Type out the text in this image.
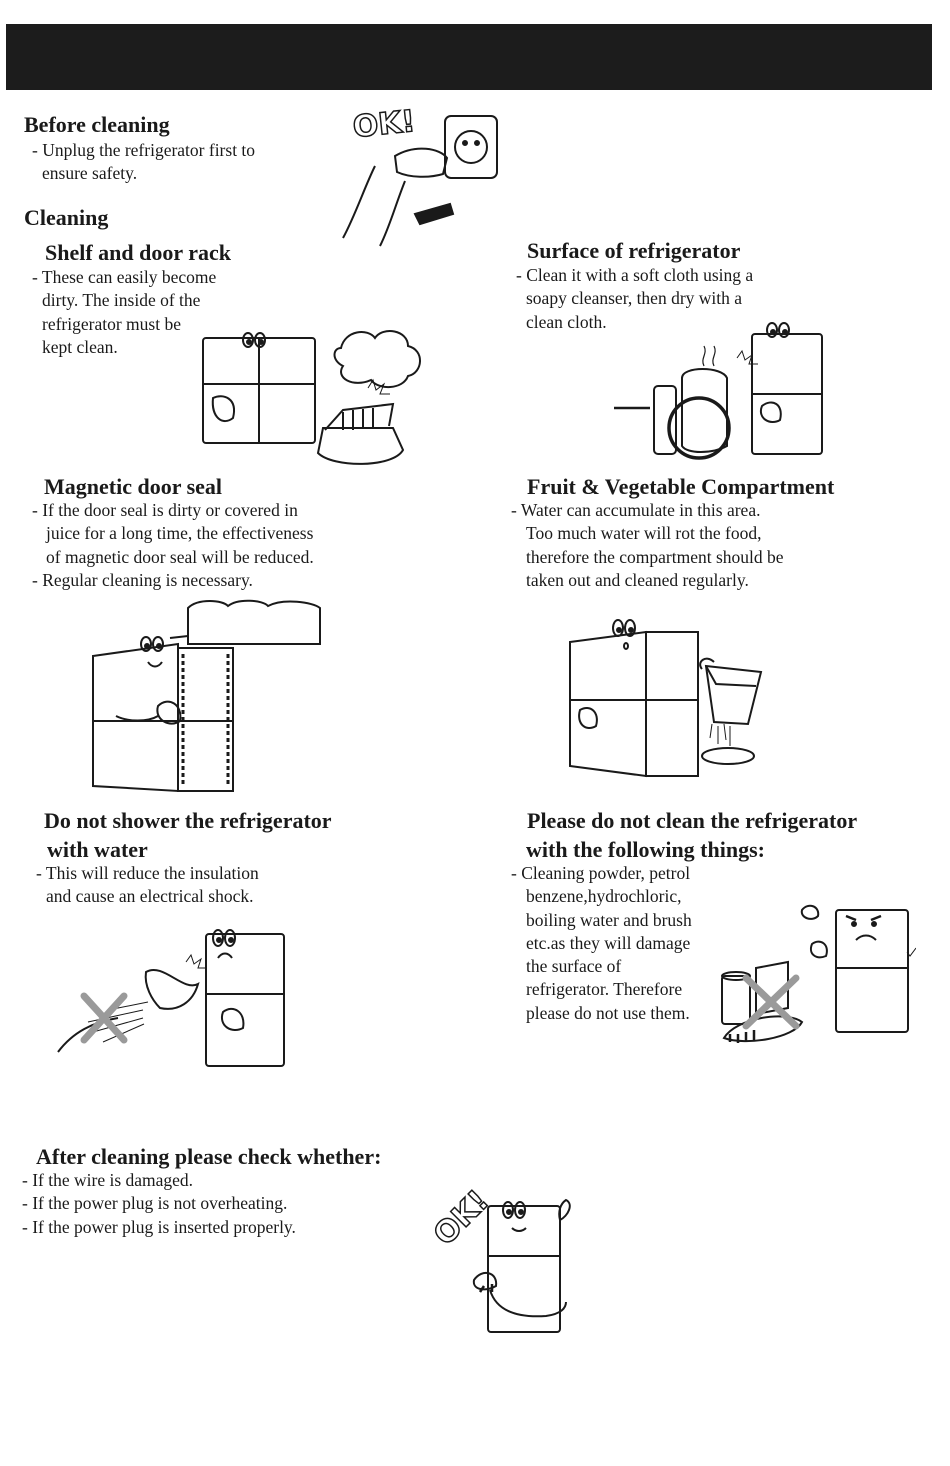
Before cleaning
- Unplug the refrigerator first to
ensure safety.
OK!
Cleaning
Shelf and door rack
- These can easily become
dirty. The inside of the
refrigerator must be
kept clean.
Surface of refrigerator
- Clean it with a soft cloth using a
soapy cleanser, then dry with a
clean cloth.
Magnetic door seal
- If the door seal is dirty or covered in
juice for a long time, the effectiveness
of magnetic door seal will be reduced.
- Regular cleaning is necessary.
Fruit & Vegetable Compartment
- Water can accumulate in this area.
Too much water will rot the food,
therefore the compartment should be
taken out and cleaned regularly.
Do not shower the refrigerator
with water
- This will reduce the insulation
and cause an electrical shock.
Please do not clean the refrigerator
with the following things:
- Cleaning powder, petrol
benzene,hydrochloric,
boiling water and brush
etc.as they will damage
the surface of
refrigerator. Therefore
please do not use them.
After cleaning please check whether:
- If the wire is damaged.
- If the power plug is not overheating.
- If the power plug is inserted properly.	OK!
